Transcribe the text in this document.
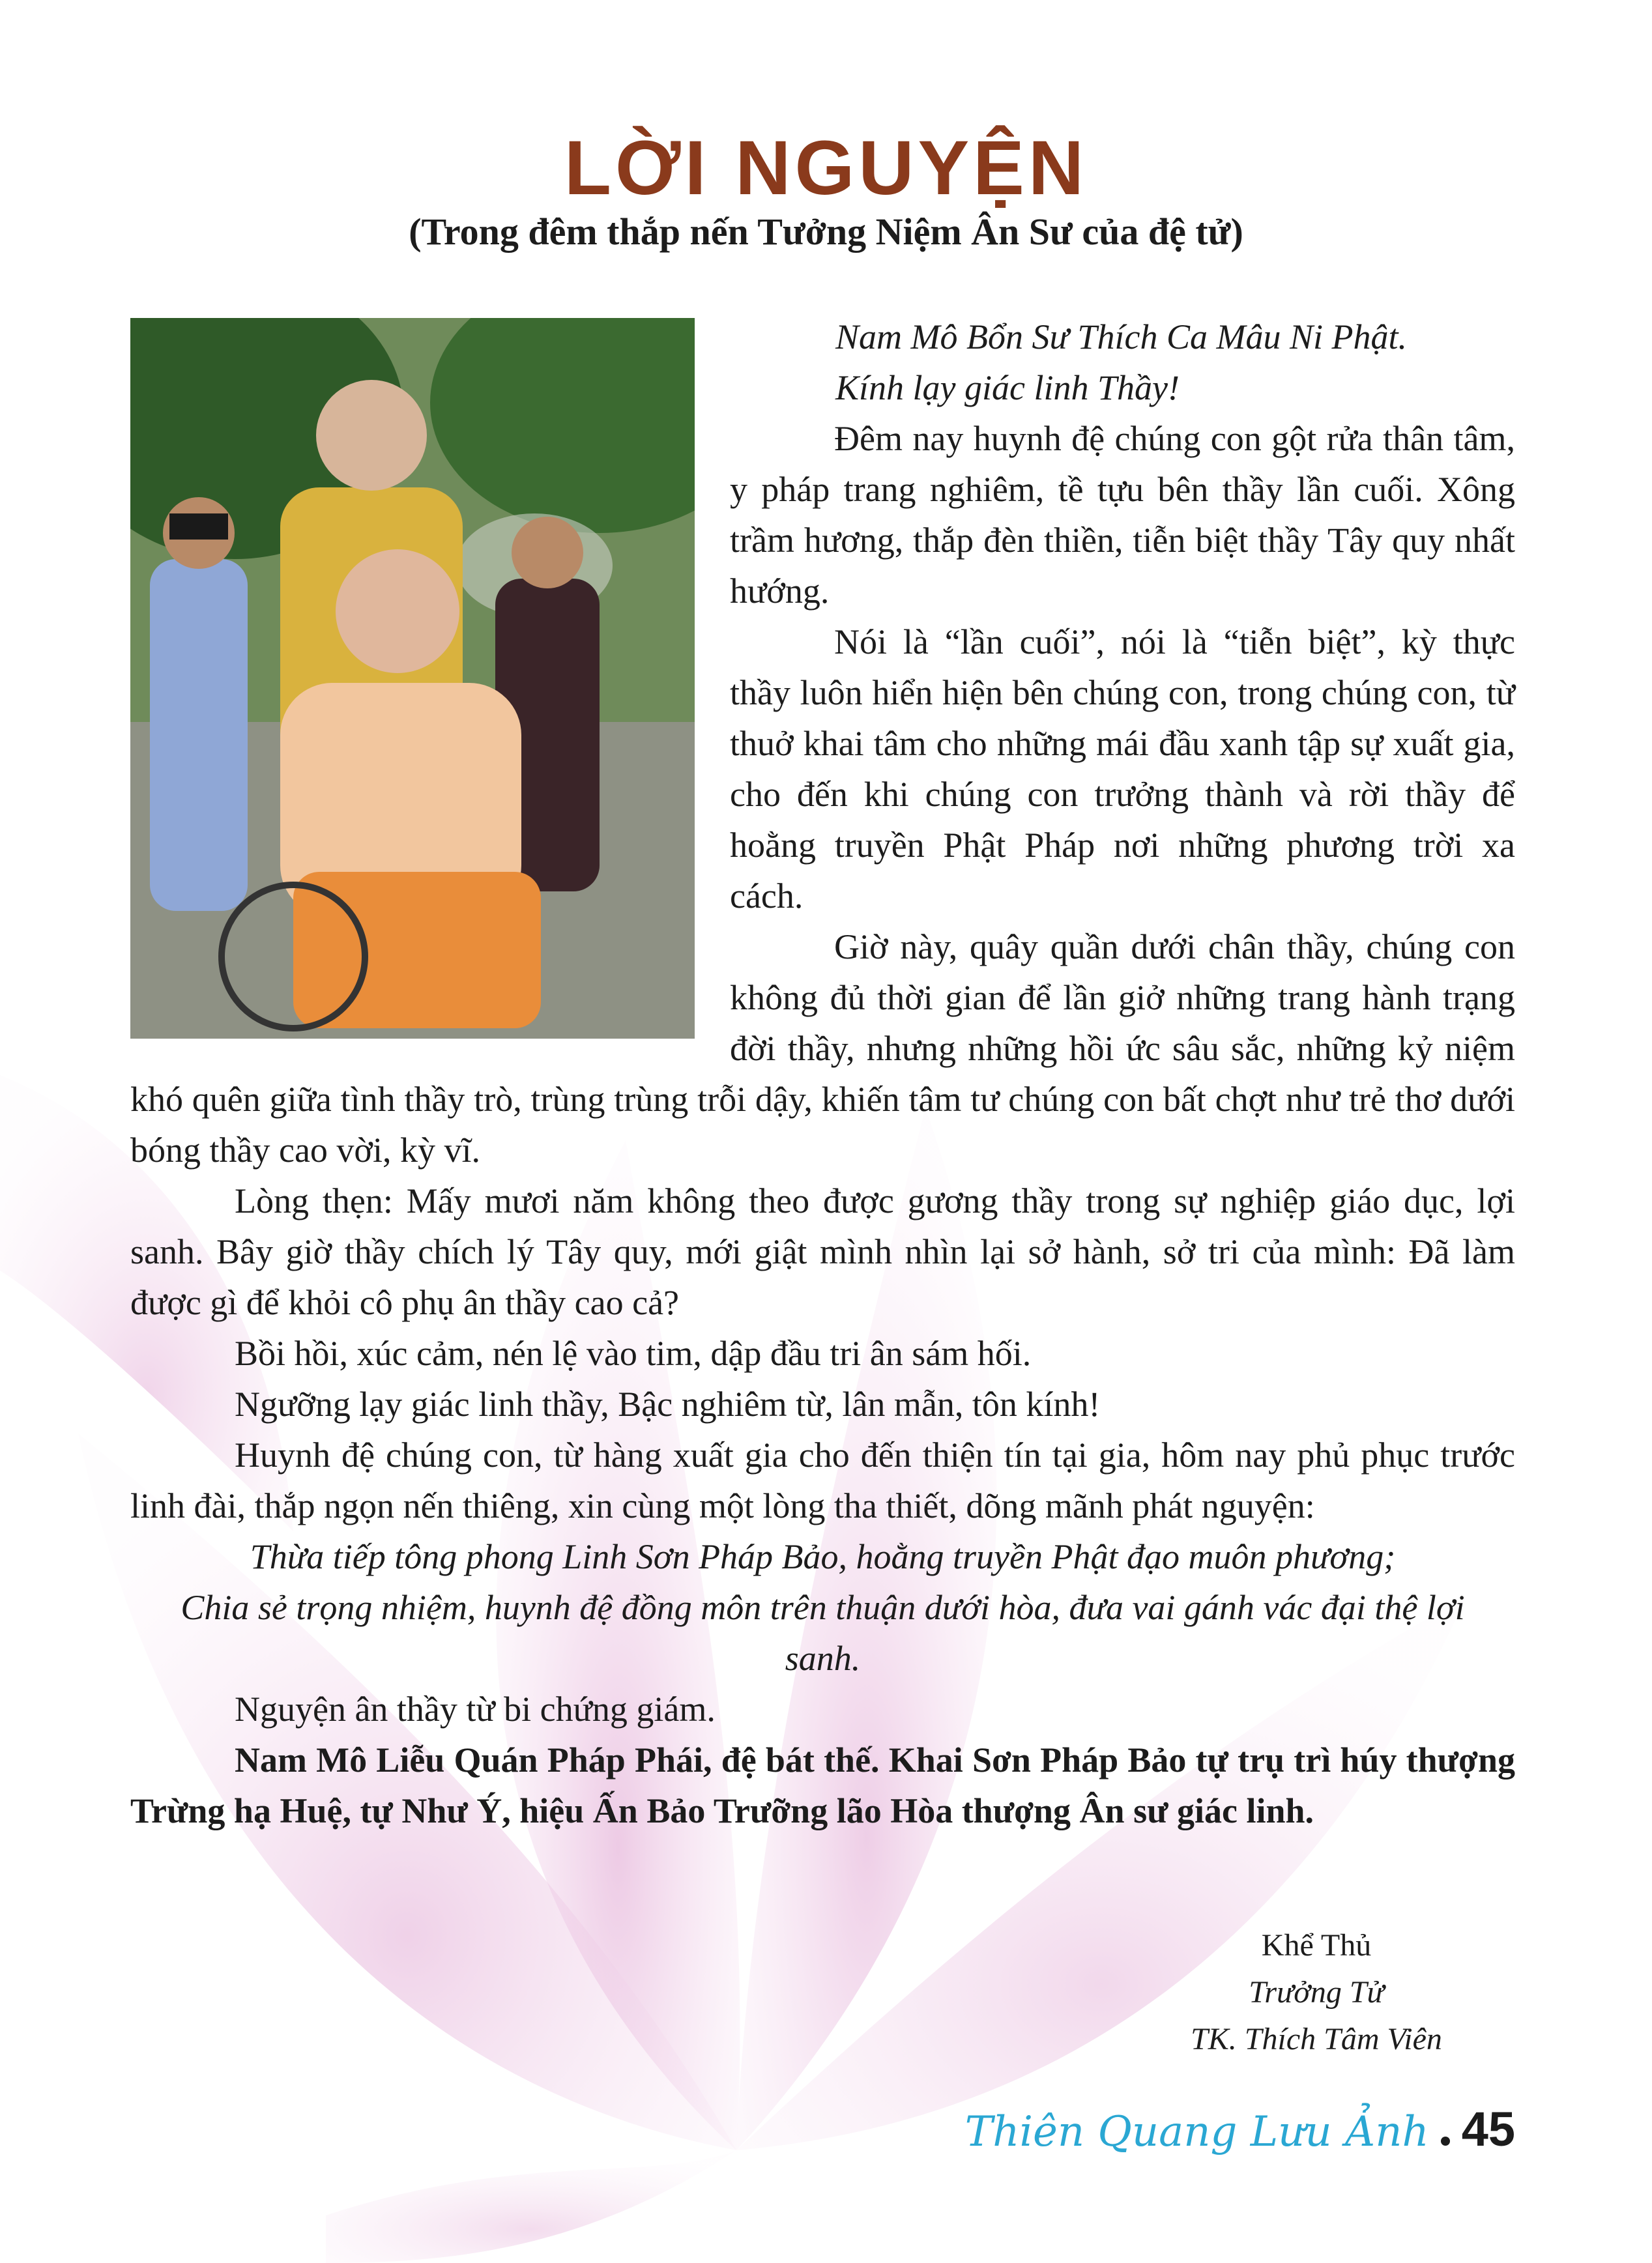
LỜI NGUYỆN

(Trong đêm thắp nến Tưởng Niệm Ân Sư của đệ tử)

Nam Mô Bổn Sư Thích Ca Mâu Ni Phật.

Kính lạy giác linh Thầy!

Đêm nay huynh đệ chúng con gột rửa thân tâm, y pháp trang nghiêm, tề tựu bên thầy lần cuối. Xông trầm hương, thắp đèn thiền, tiễn biệt thầy Tây quy nhất hướng.

Nói là “lần cuối”, nói là “tiễn biệt”, kỳ thực thầy luôn hiển hiện bên chúng con, trong chúng con, từ thuở khai tâm cho những mái đầu xanh tập sự xuất gia, cho đến khi chúng con trưởng thành và rời thầy để hoằng truyền Phật Pháp nơi những phương trời xa cách.

Giờ này, quây quần dưới chân thầy, chúng con không đủ thời gian để lần giở những trang hành trạng đời thầy, nhưng những hồi ức sâu sắc, những kỷ niệm khó quên giữa tình thầy trò, trùng trùng trỗi dậy, khiến tâm tư chúng con bất chợt như trẻ thơ dưới bóng thầy cao vời, kỳ vĩ.

Lòng thẹn: Mấy mươi năm không theo được gương thầy trong sự nghiệp giáo dục, lợi sanh. Bây giờ thầy chích lý Tây quy, mới giật mình nhìn lại sở hành, sở tri của mình: Đã làm được gì để khỏi cô phụ ân thầy cao cả?

Bồi hồi, xúc cảm, nén lệ vào tim, dập đầu tri ân sám hối.

Ngưỡng lạy giác linh thầy, Bậc nghiêm từ, lân mẫn, tôn kính!

Huynh đệ chúng con, từ hàng xuất gia cho đến thiện tín tại gia, hôm nay phủ phục trước linh đài, thắp ngọn nến thiêng, xin cùng một lòng tha thiết, dõng mãnh phát nguyện:

Thừa tiếp tông phong Linh Sơn Pháp Bảo, hoằng truyền Phật đạo muôn phương;

Chia sẻ trọng nhiệm, huynh đệ đồng môn trên thuận dưới hòa, đưa vai gánh vác đại thệ lợi sanh.

Nguyện ân thầy từ bi chứng giám.

Nam Mô Liễu Quán Pháp Phái, đệ bát thế. Khai Sơn Pháp Bảo tự trụ trì húy thượng Trừng hạ Huệ, tự Như Ý, hiệu Ấn Bảo Trưỡng lão Hòa thượng Ân sư giác linh.

Khể Thủ

Trưởng Tử

TK. Thích Tâm Viên

Thiên Quang Lưu Ảnh 45
